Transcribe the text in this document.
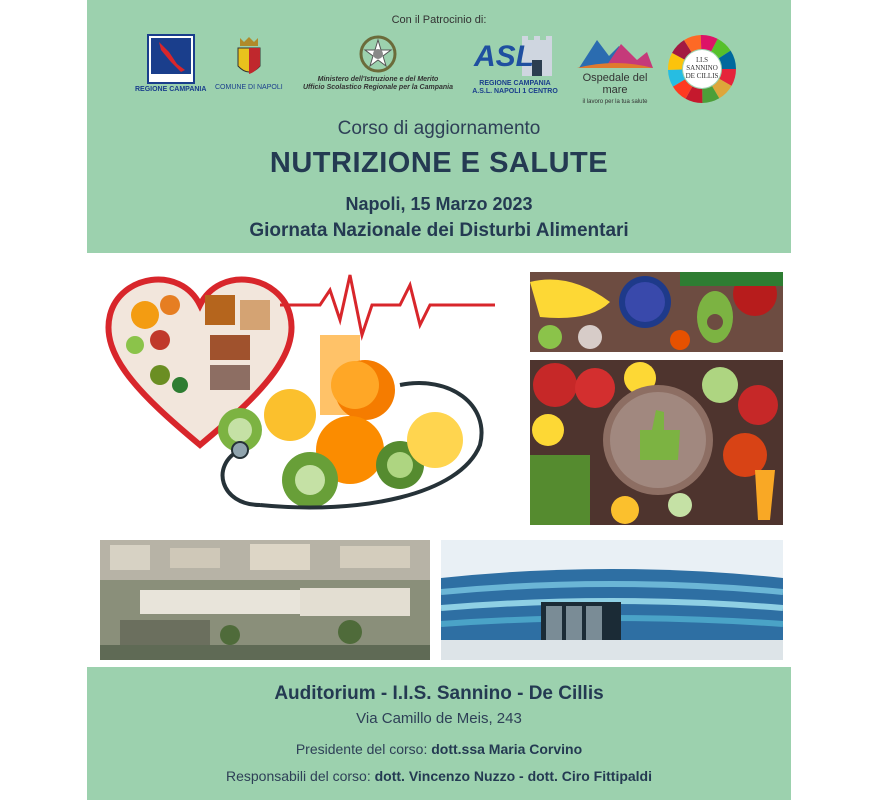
Con il Patrocinio di:
REGIONE CAMPANIA COMUNE DI NAPOLI
Ministero dell'Istruzione e del Merito
Ufficio Scolastico Regionale per la Campania
ASL
REGIONE CAMPANIA
A.S.L. NAPOLI 1 CENTRO
Ospedale del mare
il lavoro per la tua salute
I.I.S
SANNINO
DE CILLIS
Corso di aggiornamento
NUTRIZIONE E SALUTE
Napoli, 15 Marzo 2023
Giornata Nazionale dei Disturbi Alimentari
Auditorium - I.I.S. Sannino - De Cillis
Via Camillo de Meis, 243
Presidente del corso: dott.ssa Maria Corvino
Responsabili del corso: dott. Vincenzo Nuzzo - dott. Ciro Fittipaldi
